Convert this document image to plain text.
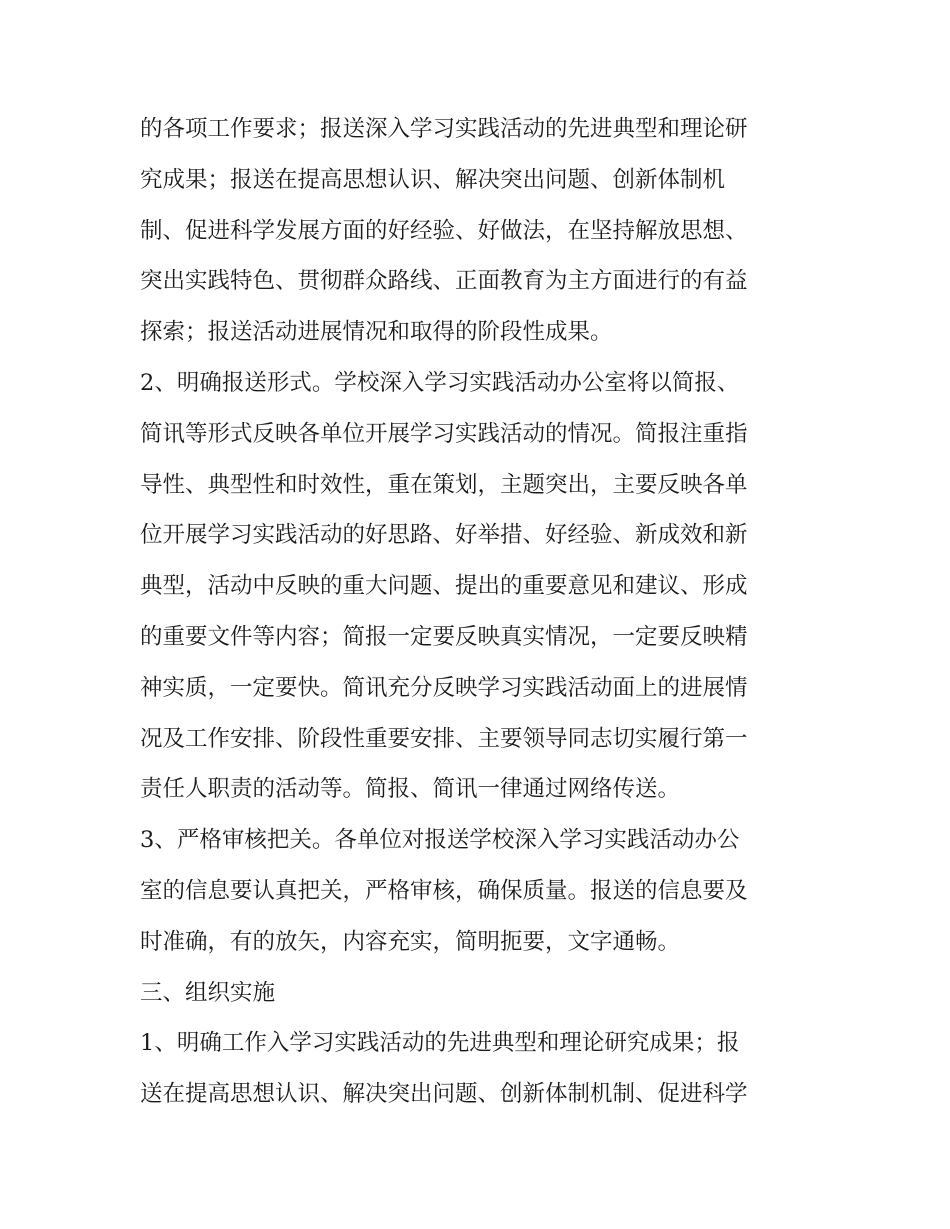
的各项工作要求；报送深入学习实践活动的先进典型和理论研
究成果；报送在提高思想认识、解决突出问题、创新体制机
制、促进科学发展方面的好经验、好做法，在坚持解放思想、
突出实践特色、贯彻群众路线、正面教育为主方面进行的有益
探索；报送活动进展情况和取得的阶段性成果。
2、明确报送形式。学校深入学习实践活动办公室将以简报、
简讯等形式反映各单位开展学习实践活动的情况。简报注重指
导性、典型性和时效性，重在策划，主题突出，主要反映各单
位开展学习实践活动的好思路、好举措、好经验、新成效和新
典型，活动中反映的重大问题、提出的重要意见和建议、形成
的重要文件等内容；简报一定要反映真实情况，一定要反映精
神实质，一定要快。简讯充分反映学习实践活动面上的进展情
况及工作安排、阶段性重要安排、主要领导同志切实履行第一
责任人职责的活动等。简报、简讯一律通过网络传送。
3、严格审核把关。各单位对报送学校深入学习实践活动办公
室的信息要认真把关，严格审核，确保质量。报送的信息要及
时准确，有的放矢，内容充实，简明扼要，文字通畅。
三、组织实施
1、明确工作入学习实践活动的先进典型和理论研究成果；报
送在提高思想认识、解决突出问题、创新体制机制、促进科学
